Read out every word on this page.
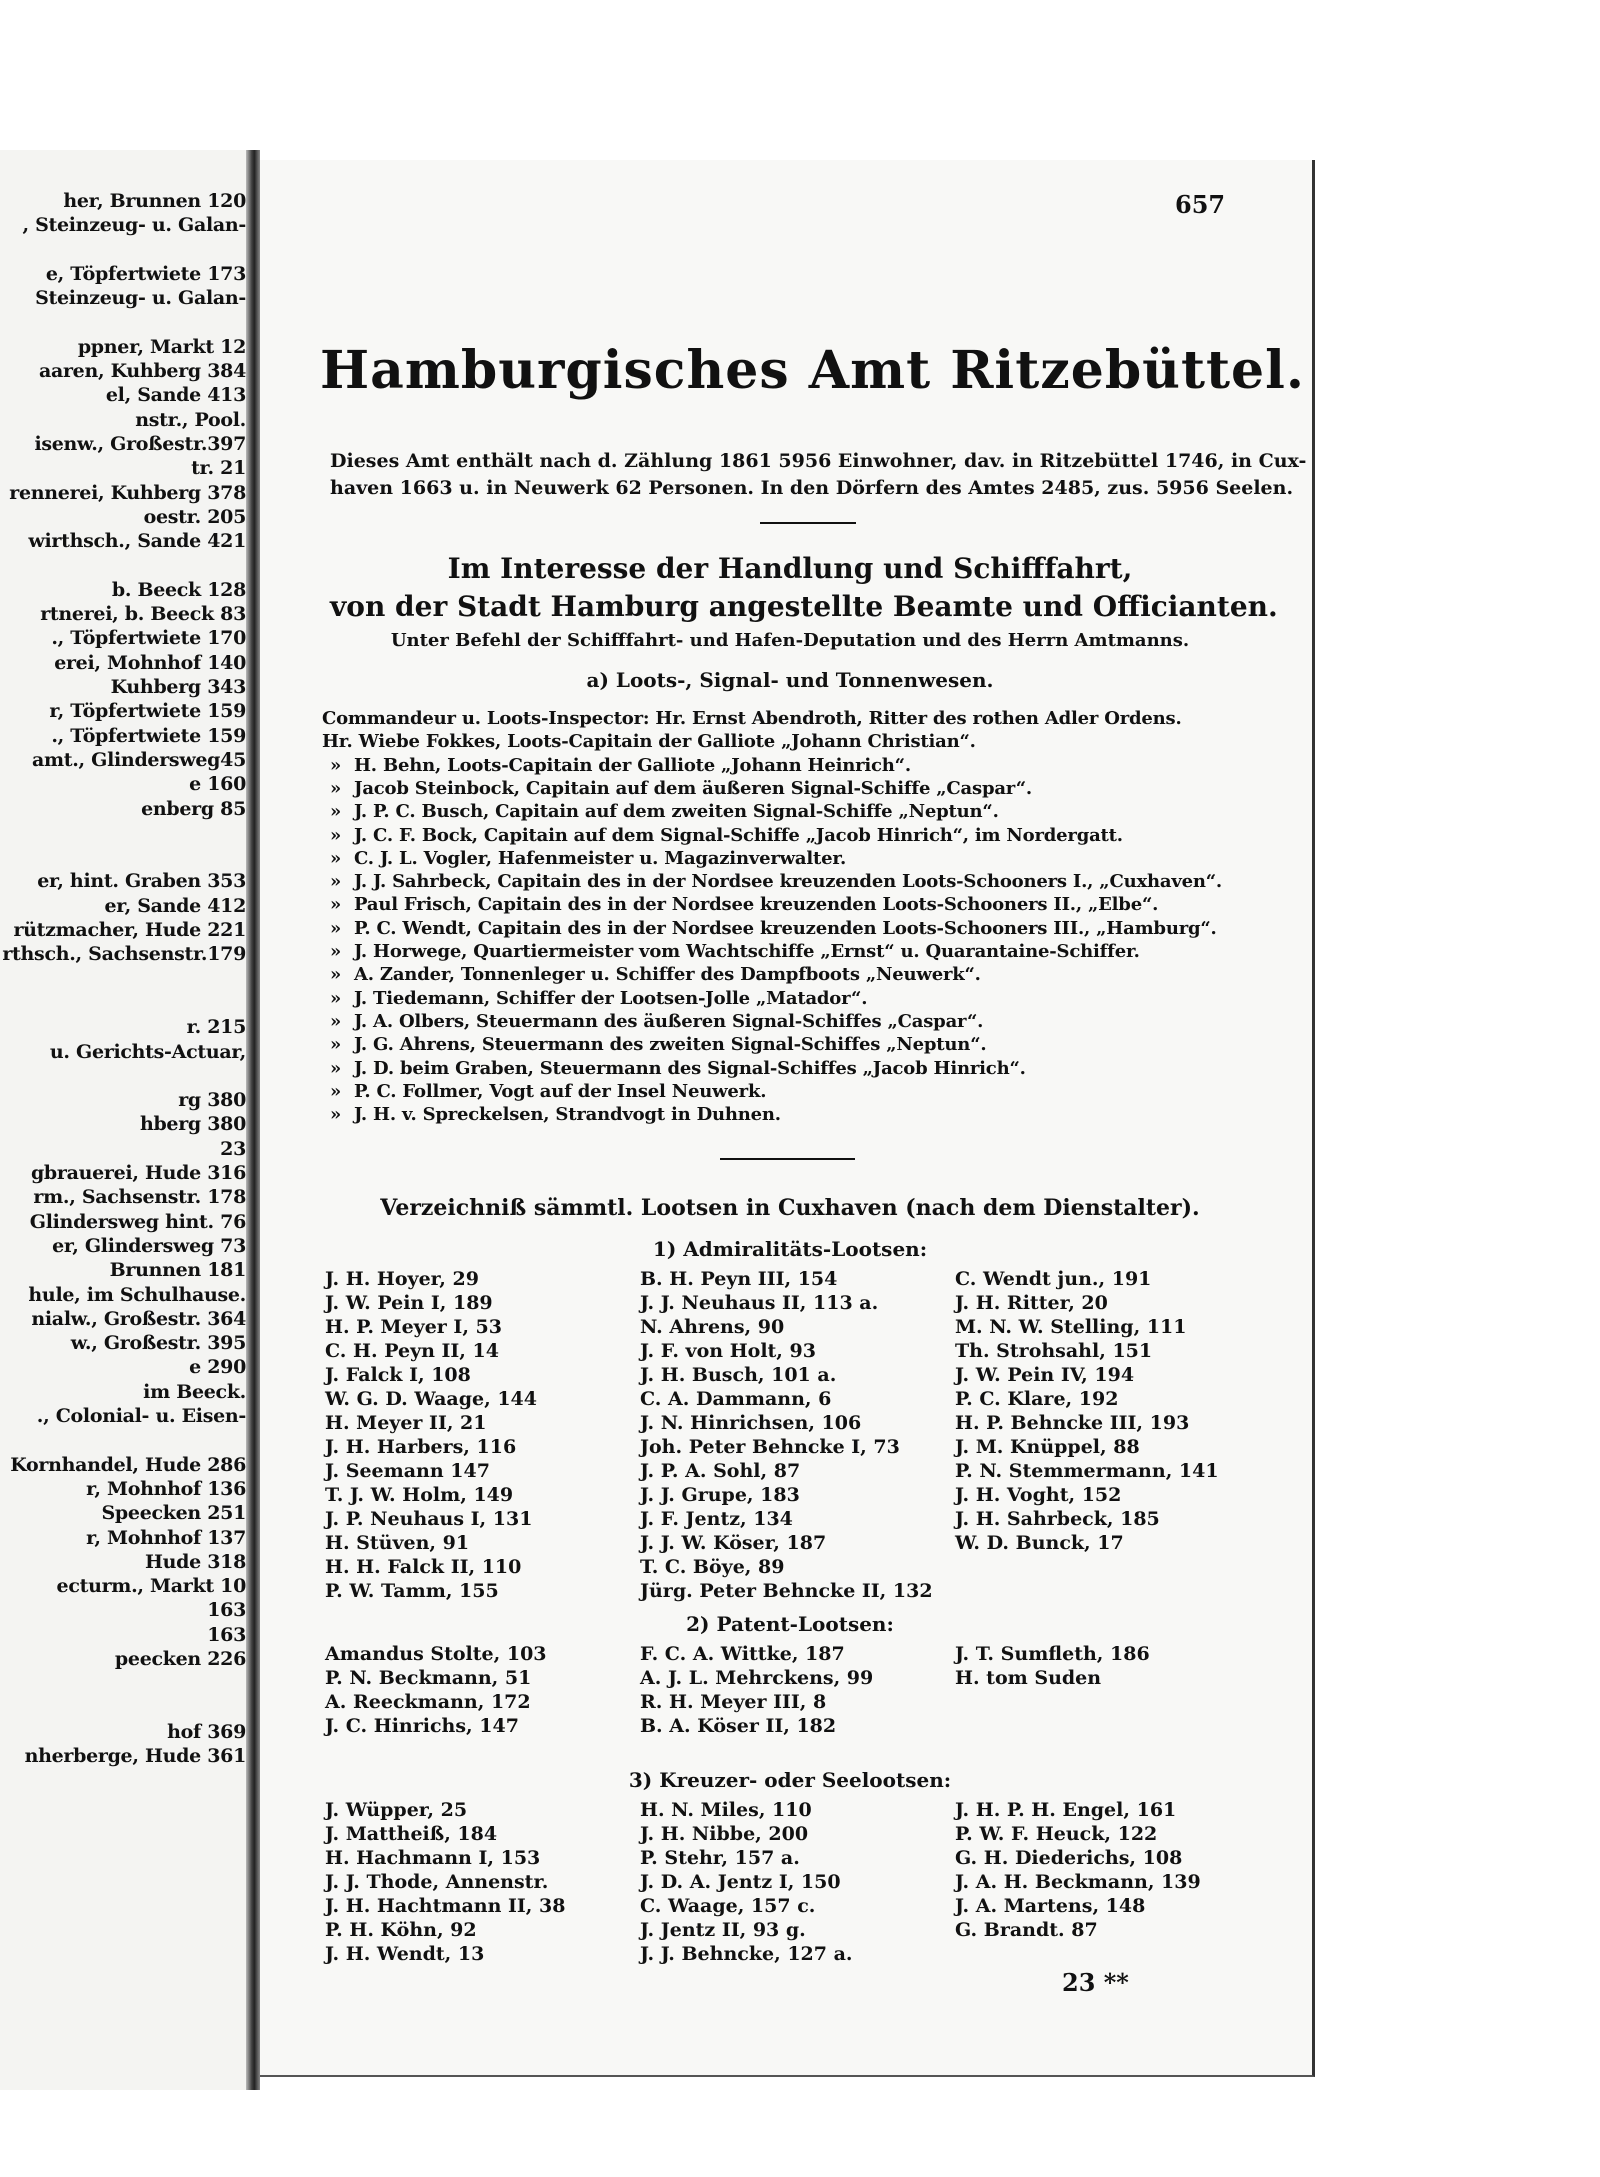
her, Brunnen 120
, Steinzeug- u. Galan-
e, Töpfertwiete 173
Steinzeug- u. Galan-
ppner, Markt 12
aaren, Kuhberg 384
el, Sande 413
nstr., Pool.
isenw., Großestr.397
tr. 21
rennerei, Kuhberg 378
oestr. 205
wirthsch., Sande 421
b. Beeck 128
rtnerei, b. Beeck 83
., Töpfertwiete 170
erei, Mohnhof 140
Kuhberg 343
r, Töpfertwiete 159
., Töpfertwiete 159
amt., Glindersweg45
e 160
enberg 85
er, hint. Graben 353
er, Sande 412
rützmacher, Hude 221
rthsch., Sachsenstr.179
r. 215
u. Gerichts-Actuar,
rg 380
hberg 380
23
gbrauerei, Hude 316
rm., Sachsenstr. 178
Glindersweg hint. 76
er, Glindersweg 73
Brunnen 181
hule, im Schulhause.
nialw., Großestr. 364
w., Großestr. 395
e 290
im Beeck.
., Colonial- u. Eisen-
Kornhandel, Hude 286
r, Mohnhof 136
Speecken 251
r, Mohnhof 137
Hude 318
ecturm., Markt 10
163
163
peecken 226
hof 369
nherberge, Hude 361
657
Hamburgisches Amt Ritzebüttel.
Dieses Amt enthält nach d. Zählung 1861 5956 Einwohner, dav. in Ritzebüttel 1746, in Cux-
haven 1663 u. in Neuwerk 62 Personen. In den Dörfern des Amtes 2485, zus. 5956 Seelen.
Im Interesse der Handlung und Schifffahrt,
von der Stadt Hamburg angestellte Beamte und Officianten.
Unter Befehl der Schifffahrt- und Hafen-Deputation und des Herrn Amtmanns.
a) Loots-, Signal- und Tonnenwesen.
Commandeur u. Loots-Inspector: Hr. Ernst Abendroth, Ritter des rothen Adler Ordens.
Hr. Wiebe Fokkes, Loots-Capitain der Galliote „Johann Christian“.
» H. Behn, Loots-Capitain der Galliote „Johann Heinrich“.
» Jacob Steinbock, Capitain auf dem äußeren Signal-Schiffe „Caspar“.
» J. P. C. Busch, Capitain auf dem zweiten Signal-Schiffe „Neptun“.
» J. C. F. Bock, Capitain auf dem Signal-Schiffe „Jacob Hinrich“, im Nordergatt.
» C. J. L. Vogler, Hafenmeister u. Magazinverwalter.
» J. J. Sahrbeck, Capitain des in der Nordsee kreuzenden Loots-Schooners I., „Cuxhaven“.
» Paul Frisch, Capitain des in der Nordsee kreuzenden Loots-Schooners II., „Elbe“.
» P. C. Wendt, Capitain des in der Nordsee kreuzenden Loots-Schooners III., „Hamburg“.
» J. Horwege, Quartiermeister vom Wachtschiffe „Ernst“ u. Quarantaine-Schiffer.
» A. Zander, Tonnenleger u. Schiffer des Dampfboots „Neuwerk“.
» J. Tiedemann, Schiffer der Lootsen-Jolle „Matador“.
» J. A. Olbers, Steuermann des äußeren Signal-Schiffes „Caspar“.
» J. G. Ahrens, Steuermann des zweiten Signal-Schiffes „Neptun“.
» J. D. beim Graben, Steuermann des Signal-Schiffes „Jacob Hinrich“.
» P. C. Follmer, Vogt auf der Insel Neuwerk.
» J. H. v. Spreckelsen, Strandvogt in Duhnen.
Verzeichniß sämmtl. Lootsen in Cuxhaven (nach dem Dienstalter).
1) Admiralitäts-Lootsen:
J. H. Hoyer, 29
J. W. Pein I, 189
H. P. Meyer I, 53
C. H. Peyn II, 14
J. Falck I, 108
W. G. D. Waage, 144
H. Meyer II, 21
J. H. Harbers, 116
J. Seemann 147
T. J. W. Holm, 149
J. P. Neuhaus I, 131
H. Stüven, 91
H. H. Falck II, 110
P. W. Tamm, 155
B. H. Peyn III, 154
J. J. Neuhaus II, 113 a.
N. Ahrens, 90
J. F. von Holt, 93
J. H. Busch, 101 a.
C. A. Dammann, 6
J. N. Hinrichsen, 106
Joh. Peter Behncke I, 73
J. P. A. Sohl, 87
J. J. Grupe, 183
J. F. Jentz, 134
J. J. W. Köser, 187
T. C. Böye, 89
Jürg. Peter Behncke II, 132
C. Wendt jun., 191
J. H. Ritter, 20
M. N. W. Stelling, 111
Th. Strohsahl, 151
J. W. Pein IV, 194
P. C. Klare, 192
H. P. Behncke III, 193
J. M. Knüppel, 88
P. N. Stemmermann, 141
J. H. Voght, 152
J. H. Sahrbeck, 185
W. D. Bunck, 17
2) Patent-Lootsen:
Amandus Stolte, 103
P. N. Beckmann, 51
A. Reeckmann, 172
J. C. Hinrichs, 147
F. C. A. Wittke, 187
A. J. L. Mehrckens, 99
R. H. Meyer III, 8
B. A. Köser II, 182
J. T. Sumfleth, 186
H. tom Suden
3) Kreuzer- oder Seelootsen:
J. Wüpper, 25
J. Mattheiß, 184
H. Hachmann I, 153
J. J. Thode, Annenstr.
J. H. Hachtmann II, 38
P. H. Köhn, 92
J. H. Wendt, 13
H. N. Miles, 110
J. H. Nibbe, 200
P. Stehr, 157 a.
J. D. A. Jentz I, 150
C. Waage, 157 c.
J. Jentz II, 93 g.
J. J. Behncke, 127 a.
J. H. P. H. Engel, 161
P. W. F. Heuck, 122
G. H. Diederichs, 108
J. A. H. Beckmann, 139
J. A. Martens, 148
G. Brandt. 87
23 **
